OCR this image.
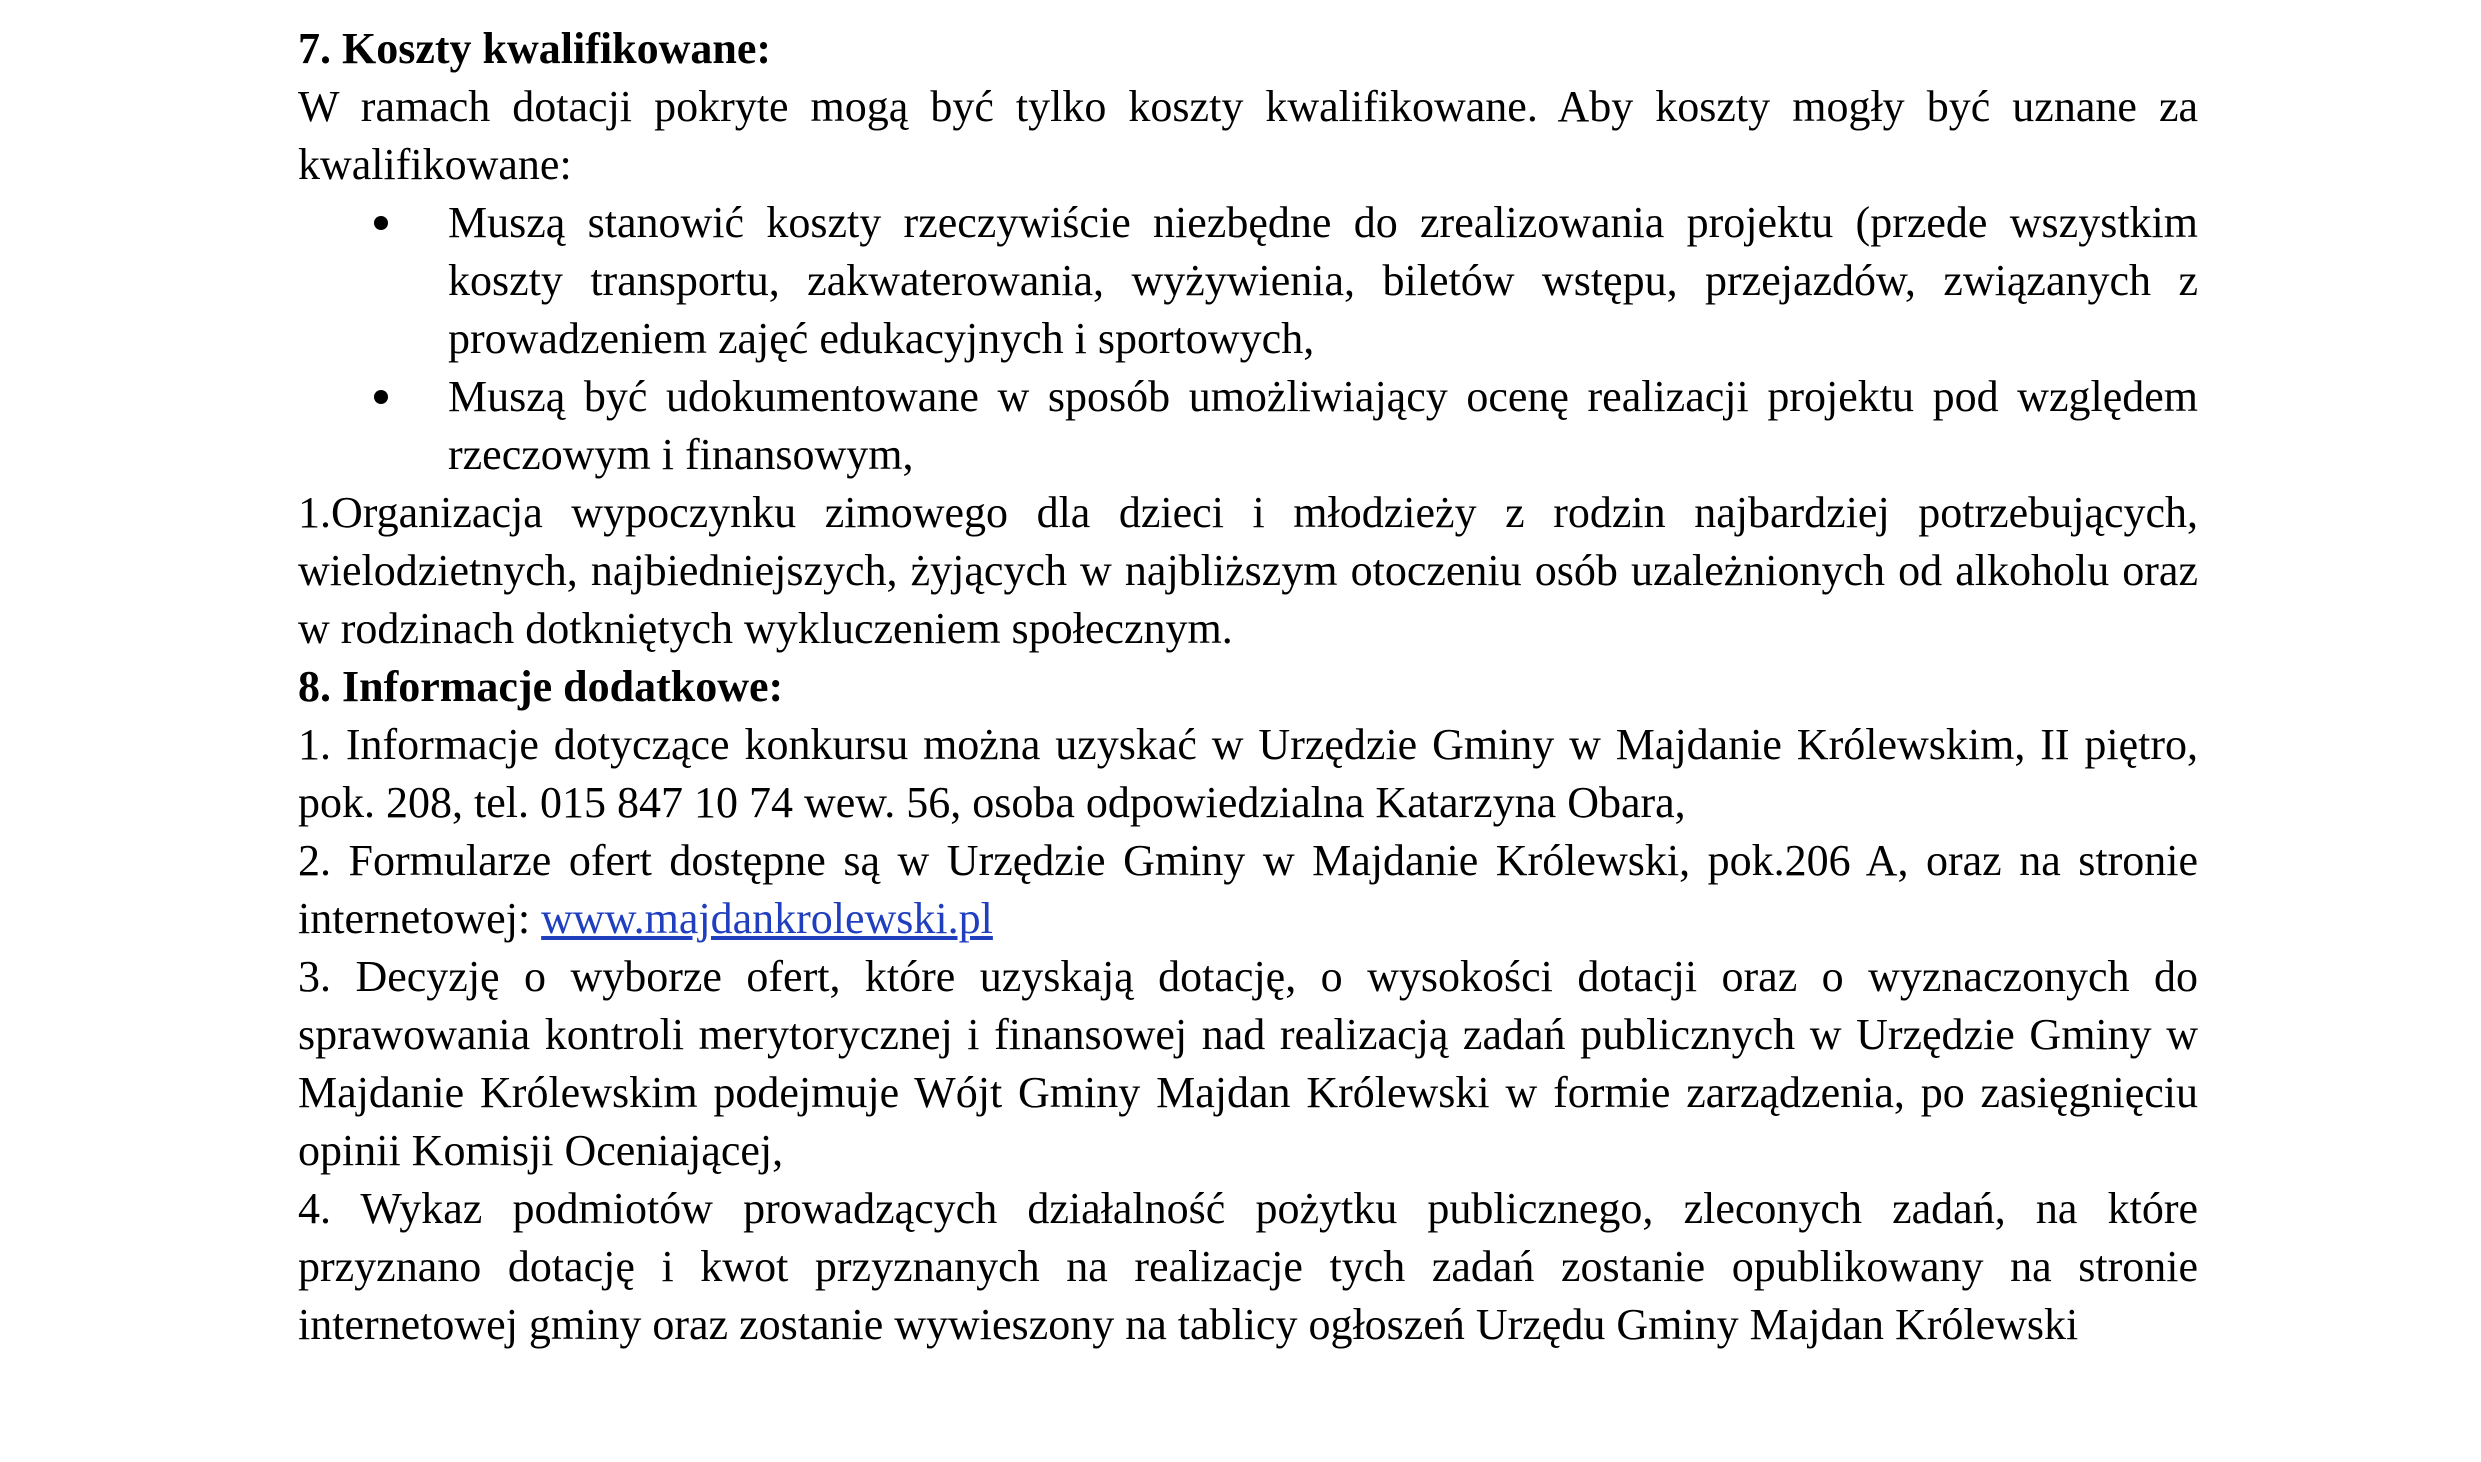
7. Koszty kwalifikowane:

W ramach dotacji pokryte mogą być tylko koszty kwalifikowane. Aby koszty mogły być uznane za kwalifikowane:

Muszą stanowić koszty rzeczywiście niezbędne do zrealizowania projektu (przede wszystkim koszty transportu, zakwaterowania, wyżywienia, biletów wstępu, przejazdów, związanych z prowadzeniem zajęć edukacyjnych i sportowych,
Muszą być udokumentowane w sposób umożliwiający ocenę realizacji projektu pod względem rzeczowym i finansowym,

1.Organizacja wypoczynku zimowego dla dzieci i młodzieży z rodzin najbardziej potrzebujących, wielodzietnych, najbiedniejszych, żyjących w najbliższym otoczeniu osób uzależnionych od alkoholu oraz w rodzinach dotkniętych wykluczeniem społecznym.

8. Informacje dodatkowe:

1. Informacje dotyczące konkursu można uzyskać w Urzędzie Gminy w Majdanie Królewskim, II piętro, pok. 208, tel. 015 847 10 74 wew. 56, osoba odpowiedzialna Katarzyna Obara,

2. Formularze ofert dostępne są w Urzędzie Gminy w Majdanie Królewski, pok.206 A, oraz na stronie internetowej: www.majdankrolewski.pl

3. Decyzję o wyborze ofert, które uzyskają dotację, o wysokości dotacji oraz o wyznaczonych do sprawowania kontroli merytorycznej i finansowej nad realizacją zadań publicznych w Urzędzie Gminy w Majdanie Królewskim podejmuje Wójt Gminy Majdan Królewski w formie zarządzenia, po zasięgnięciu opinii Komisji Oceniającej,

4. Wykaz podmiotów prowadzących działalność pożytku publicznego, zleconych zadań, na które przyznano dotację i kwot przyznanych na realizacje tych zadań zostanie opublikowany na stronie internetowej gminy oraz zostanie wywieszony na tablicy ogłoszeń Urzędu Gminy Majdan Królewski
